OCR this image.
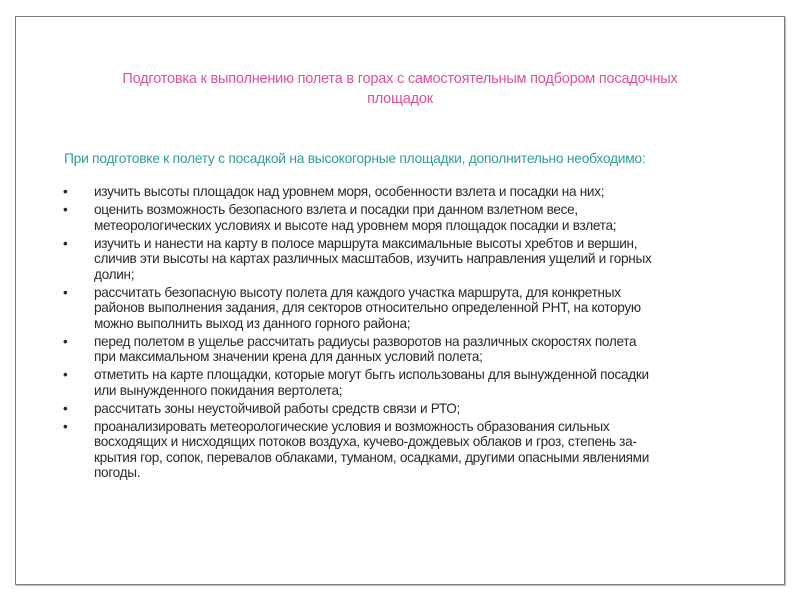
Подготовка к выполнению полета в горах с самостоятельным подбором посадочных
площадок
При подготовке к полету с посадкой на высокогорные площадки, дополнительно необходимо:
• изучить высоты площадок над уровнем моря, особенности взлета и посадки на них;
• оценить возможность безопасного взлета и посадки при данном взлетном весе,
метеорологических условиях и высоте над уровнем моря площадок посадки и взлета;
• изучить и нанести на карту в полосе маршрута максимальные высоты хребтов и вершин,
сличив эти высоты на картах различных масштабов, изучить направления ущелий и горных
долин;
• рассчитать безопасную высоту полета для каждого участка маршрута, для конкретных
районов выполнения задания, для секторов относительно определенной РНТ, на которую
можно выполнить выход из данного горного района;
• перед полетом в ущелье рассчитать радиусы разворотов на различных скоростях полета
при максимальном значении крена для данных условий полета;
• отметить на карте площадки, которые могут бьггь использованы для вынужденной посадки
или вынужденного покидания вертолета;
• рассчитать зоны неустойчивой работы средств связи и РТО;
• проанализировать метеорологические условия и возможность образования сильных
восходящих и нисходящих потоков воздуха, кучево-дождевых облаков и гроз, степень за-
крытия гор, сопок, перевалов облаками, туманом, осадками, другими опасными явлениями
погоды.
